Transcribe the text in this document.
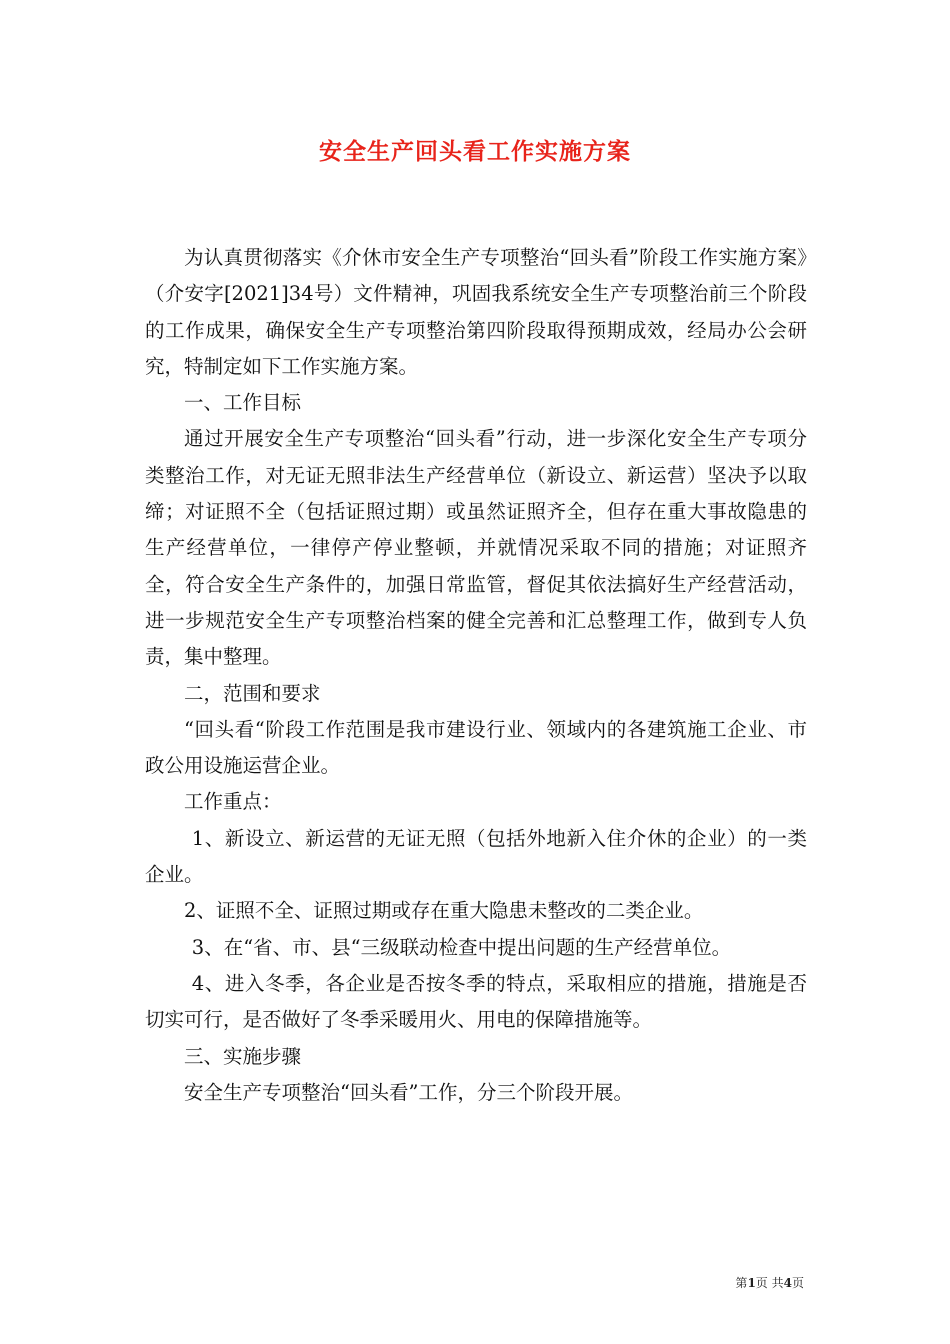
安全生产回头看工作实施方案

为认真贯彻落实《介休市安全生产专项整治“回头看”阶段工作实施方案》（介安字[2021]34号）文件精神，巩固我系统安全生产专项整治前三个阶段的工作成果，确保安全生产专项整治第四阶段取得预期成效，经局办公会研究，特制定如下工作实施方案。

一、工作目标

通过开展安全生产专项整治“回头看”行动，进一步深化安全生产专项分类整治工作，对无证无照非法生产经营单位（新设立、新运营）坚决予以取缔；对证照不全（包括证照过期）或虽然证照齐全，但存在重大事故隐患的生产经营单位，一律停产停业整顿，并就情况采取不同的措施；对证照齐全，符合安全生产条件的，加强日常监管，督促其依法搞好生产经营活动，进一步规范安全生产专项整治档案的健全完善和汇总整理工作，做到专人负责，集中整理。

二，范围和要求

“回头看“阶段工作范围是我市建设行业、领域内的各建筑施工企业、市政公用设施运营企业。

工作重点：

1、新设立、新运营的无证无照（包括外地新入住介休的企业）的一类企业。

2、证照不全、证照过期或存在重大隐患未整改的二类企业。

3、在“省、市、县“三级联动检查中提出问题的生产经营单位。

4、进入冬季，各企业是否按冬季的特点，采取相应的措施，措施是否切实可行，是否做好了冬季采暖用火、用电的保障措施等。

三、实施步骤

安全生产专项整治“回头看”工作，分三个阶段开展。

第1页 共4页
